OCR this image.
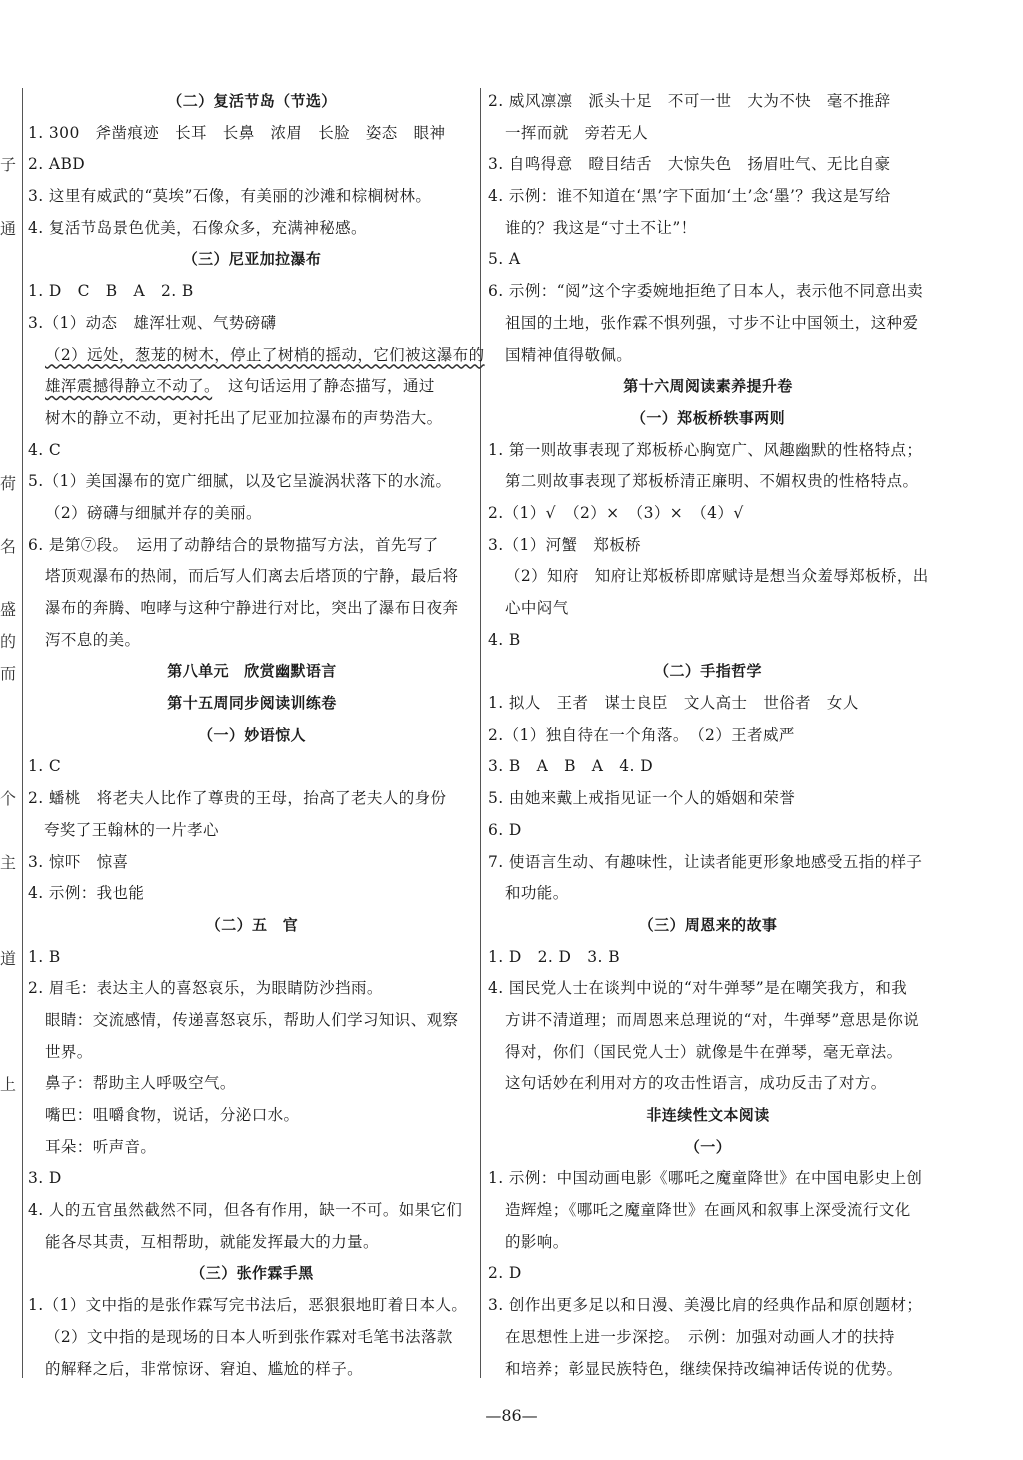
子
通
荷
名
盛
的
而
个
主
道
上
（二）复活节岛（节选）
1. 300　斧凿痕迹　长耳　长鼻　浓眉　长脸　姿态　眼神
2. ABD
3. 这里有威武的“莫埃”石像，有美丽的沙滩和棕榈树林。
4. 复活节岛景色优美，石像众多，充满神秘感。
（三）尼亚加拉瀑布
1. D　C　B　A　2. B
3.（1）动态　雄浑壮观、气势磅礴
（2）远处，葱茏的树木，停止了树梢的摇动，它们被这瀑布的
雄浑震撼得静立不动了。　这句话运用了静态描写，通过
树木的静立不动，更衬托出了尼亚加拉瀑布的声势浩大。
4. C
5.（1）美国瀑布的宽广细腻，以及它呈漩涡状落下的水流。
（2）磅礴与细腻并存的美丽。
6. 是第⑦段。　运用了动静结合的景物描写方法，首先写了
塔顶观瀑布的热闹，而后写人们离去后塔顶的宁静，最后将
瀑布的奔腾、咆哮与这种宁静进行对比，突出了瀑布日夜奔
泻不息的美。
第八单元　欣赏幽默语言
第十五周同步阅读训练卷
（一）妙语惊人
1. C
2. 蟠桃　将老夫人比作了尊贵的王母，抬高了老夫人的身份
夸奖了王翰林的一片孝心
3. 惊吓　惊喜
4. 示例：我也能
（二）五　官
1. B
2. 眉毛：表达主人的喜怒哀乐，为眼睛防沙挡雨。
眼睛：交流感情，传递喜怒哀乐，帮助人们学习知识、观察
世界。
鼻子：帮助主人呼吸空气。
嘴巴：咀嚼食物，说话，分泌口水。
耳朵：听声音。
3. D
4. 人的五官虽然截然不同，但各有作用，缺一不可。如果它们
能各尽其责，互相帮助，就能发挥最大的力量。
（三）张作霖手黑
1.（1）文中指的是张作霖写完书法后，恶狠狠地盯着日本人。
（2）文中指的是现场的日本人听到张作霖对毛笔书法落款
的解释之后，非常惊讶、窘迫、尴尬的样子。
2. 威风凛凛　派头十足　不可一世　大为不快　毫不推辞
一挥而就　旁若无人
3. 自鸣得意　瞪目结舌　大惊失色　扬眉吐气、无比自豪
4. 示例：谁不知道在‘黑’字下面加‘土’念‘墨’？我这是写给
谁的？我这是“寸土不让”！
5. A
6. 示例：“阅”这个字委婉地拒绝了日本人，表示他不同意出卖
祖国的土地，张作霖不惧列强，寸步不让中国领土，这种爱
国精神值得敬佩。
第十六周阅读素养提升卷
（一）郑板桥轶事两则
1. 第一则故事表现了郑板桥心胸宽广、风趣幽默的性格特点；
第二则故事表现了郑板桥清正廉明、不媚权贵的性格特点。
2.（1）√　（2）×　（3）×　（4）√
3.（1）河蟹　郑板桥
（2）知府　知府让郑板桥即席赋诗是想当众羞辱郑板桥，出
心中闷气
4. B
（二）手指哲学
1. 拟人　王者　谋士良臣　文人高士　世俗者　女人
2.（1）独自待在一个角落。　（2）王者威严
3. B　A　B　A　4. D
5. 由她来戴上戒指见证一个人的婚姻和荣誉
6. D
7. 使语言生动、有趣味性，让读者能更形象地感受五指的样子
和功能。
（三）周恩来的故事
1. D　2. D　3. B
4. 国民党人士在谈判中说的“对牛弹琴”是在嘲笑我方，和我
方讲不清道理；而周恩来总理说的“对，牛弹琴”意思是你说
得对，你们（国民党人士）就像是牛在弹琴，毫无章法。
这句话妙在利用对方的攻击性语言，成功反击了对方。
非连续性文本阅读
（一）
1. 示例：中国动画电影《哪吒之魔童降世》在中国电影史上创
造辉煌；《哪吒之魔童降世》在画风和叙事上深受流行文化
的影响。
2. D
3. 创作出更多足以和日漫、美漫比肩的经典作品和原创题材；
在思想性上进一步深挖。　示例：加强对动画人才的扶持
和培养；彰显民族特色，继续保持改编神话传说的优势。
—86—
